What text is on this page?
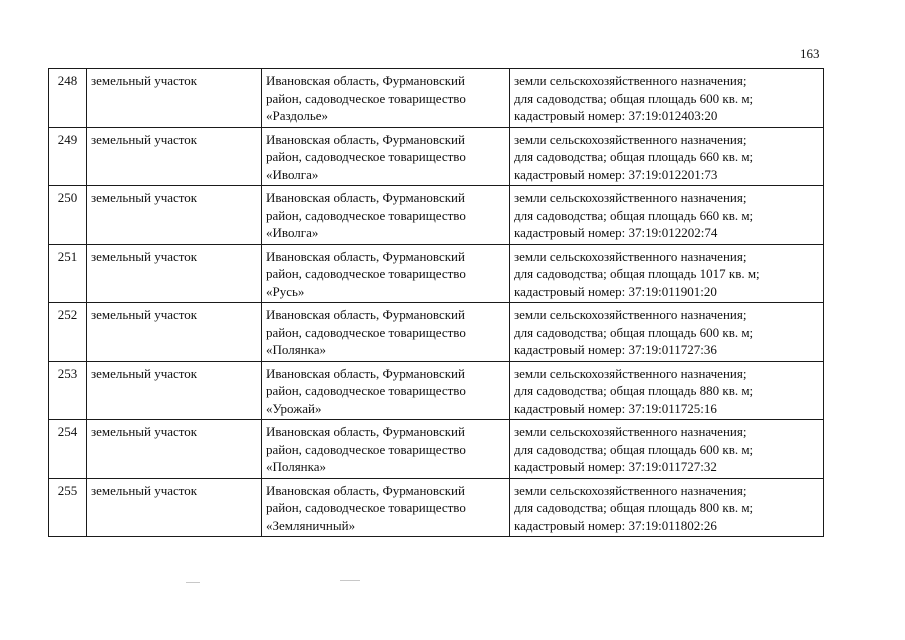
163
248	земельный участок	Ивановская область, Фурмановский
район, садоводческое товарищество
«Раздолье»	земли сельскохозяйственного назначения;
для садоводства; общая площадь 600 кв. м;
кадастровый номер: 37:19:012403:20

249	земельный участок	Ивановская область, Фурмановский
район, садоводческое товарищество
«Иволга»	земли сельскохозяйственного назначения;
для садоводства; общая площадь 660 кв. м;
кадастровый номер: 37:19:012201:73

250	земельный участок	Ивановская область, Фурмановский
район, садоводческое товарищество
«Иволга»	земли сельскохозяйственного назначения;
для садоводства; общая площадь 660 кв. м;
кадастровый номер: 37:19:012202:74

251	земельный участок	Ивановская область, Фурмановский
район, садоводческое товарищество
«Русь»	земли сельскохозяйственного назначения;
для садоводства; общая площадь 1017 кв. м;
кадастровый номер: 37:19:011901:20

252	земельный участок	Ивановская область, Фурмановский
район, садоводческое товарищество
«Полянка»	земли сельскохозяйственного назначения;
для садоводства; общая площадь 600 кв. м;
кадастровый номер: 37:19:011727:36

253	земельный участок	Ивановская область, Фурмановский
район, садоводческое товарищество
«Урожай»	земли сельскохозяйственного назначения;
для садоводства; общая площадь 880 кв. м;
кадастровый номер: 37:19:011725:16

254	земельный участок	Ивановская область, Фурмановский
район, садоводческое товарищество
«Полянка»	земли сельскохозяйственного назначения;
для садоводства; общая площадь 600 кв. м;
кадастровый номер: 37:19:011727:32

255	земельный участок	Ивановская область, Фурмановский
район, садоводческое товарищество
«Земляничный»	земли сельскохозяйственного назначения;
для садоводства; общая площадь 800 кв. м;
кадастровый номер: 37:19:011802:26
